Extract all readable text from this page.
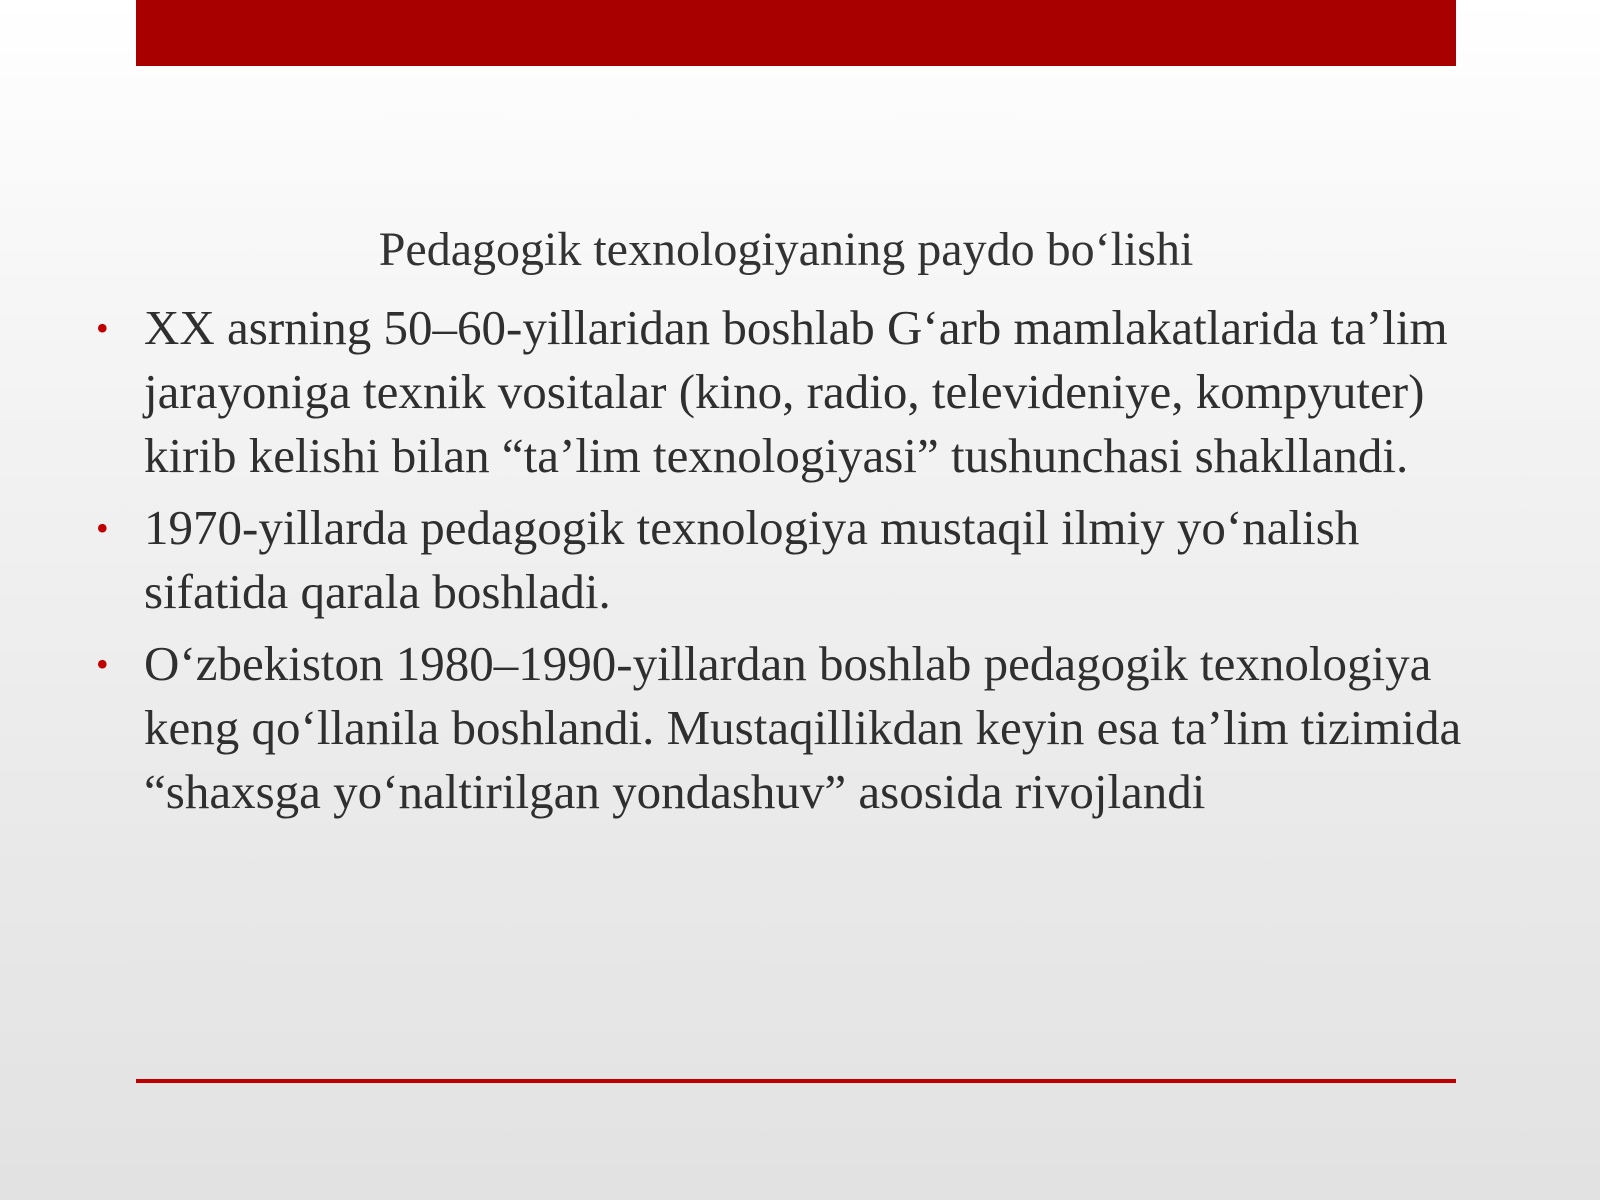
Pedagogik texnologiyaning paydo bo‘lishi
• XX asrning 50–60-yillaridan boshlab G‘arb mamlakatlarida ta’lim jarayoniga texnik vositalar (kino, radio, televideniye, kompyuter) kirib kelishi bilan “ta’lim texnologiyasi” tushunchasi shakllandi.
• 1970-yillarda pedagogik texnologiya mustaqil ilmiy yo‘nalish sifatida qarala boshladi.
• O‘zbekiston 1980–1990-yillardan boshlab pedagogik texnologiya keng qo‘llanila boshlandi. Mustaqillikdan keyin esa ta’lim tizimida “shaxsga yo‘naltirilgan yondashuv” asosida rivojlandi
